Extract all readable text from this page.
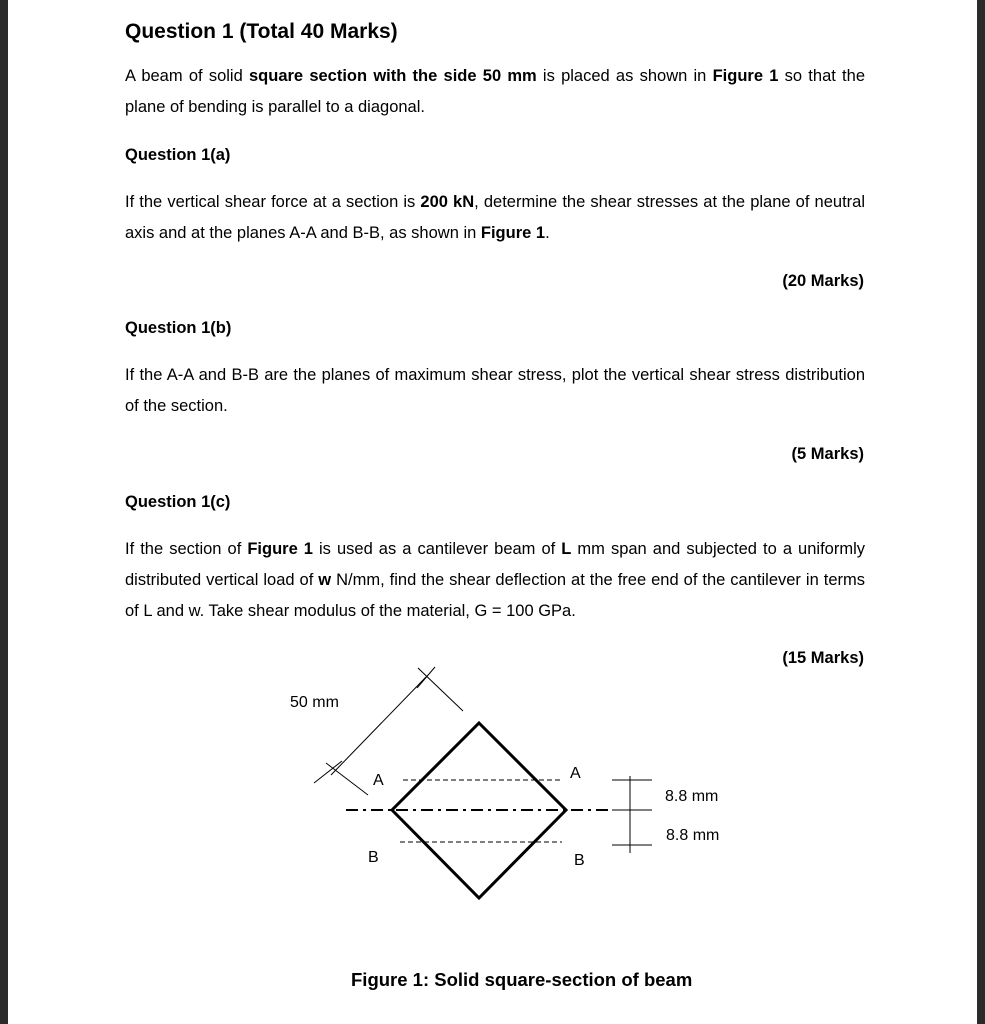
Question 1 (Total 40 Marks)

A beam of solid square section with the side 50 mm is placed as shown in Figure 1 so that the plane of bending is parallel to a diagonal.

Question 1(a)

If the vertical shear force at a section is 200 kN, determine the shear stresses at the plane of neutral axis and at the planes A-A and B-B, as shown in Figure 1.

(20 Marks)

Question 1(b)

If the A-A and B-B are the planes of maximum shear stress, plot the vertical shear stress distribution of the section.

(5 Marks)

Question 1(c)

If the section of Figure 1 is used as a cantilever beam of L mm span and subjected to a uniformly distributed vertical load of w N/mm, find the shear deflection at the free end of the cantilever in terms of L and w. Take shear modulus of the material, G = 100 GPa.

(15 Marks)

50 mm
A	A
B	B
8.8 mm
8.8 mm

Figure 1: Solid square-section of beam
